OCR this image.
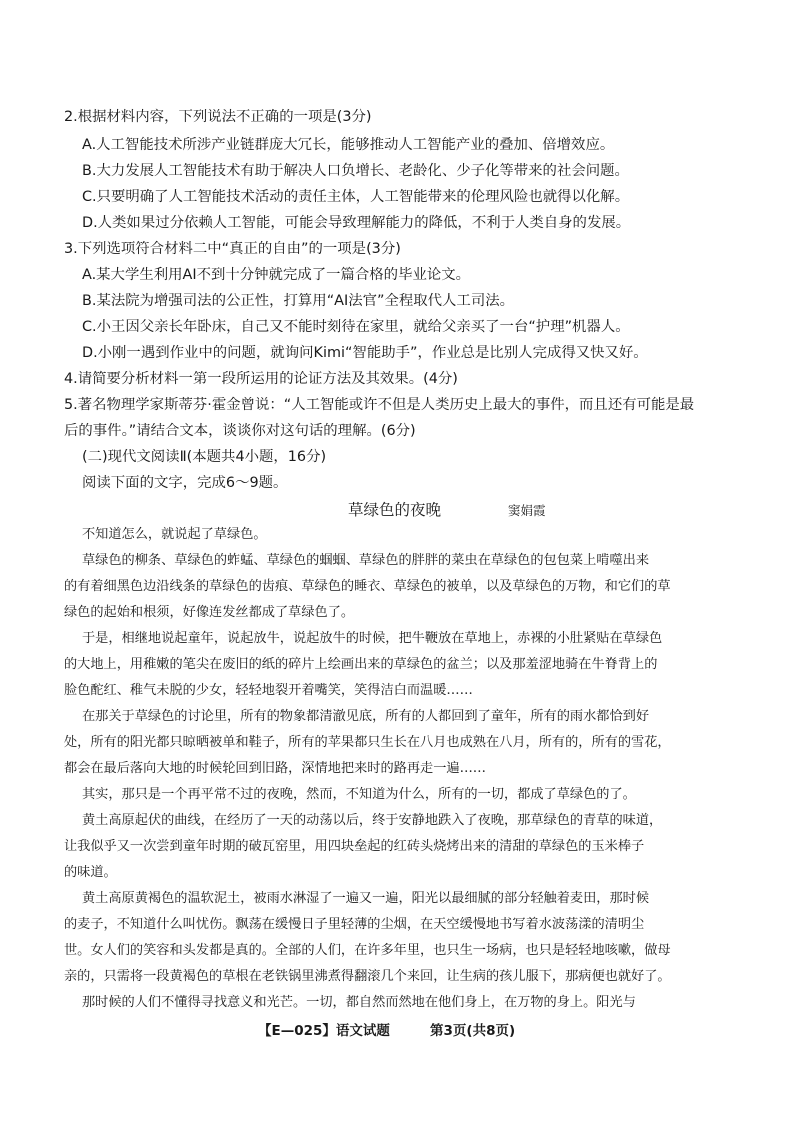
2.根据材料内容，下列说法不正确的一项是(3分)
A.人工智能技术所涉产业链群庞大冗长，能够推动人工智能产业的叠加、倍增效应。
B.大力发展人工智能技术有助于解决人口负增长、老龄化、少子化等带来的社会问题。
C.只要明确了人工智能技术活动的责任主体，人工智能带来的伦理风险也就得以化解。
D.人类如果过分依赖人工智能，可能会导致理解能力的降低，不利于人类自身的发展。
3.下列选项符合材料二中“真正的自由”的一项是(3分)
A.某大学生利用AI不到十分钟就完成了一篇合格的毕业论文。
B.某法院为增强司法的公正性，打算用“AI法官”全程取代人工司法。
C.小王因父亲长年卧床，自己又不能时刻待在家里，就给父亲买了一台“护理”机器人。
D.小刚一遇到作业中的问题，就询问Kimi“智能助手”，作业总是比别人完成得又快又好。
4.请简要分析材料一第一段所运用的论证方法及其效果。(4分)
5.著名物理学家斯蒂芬·霍金曾说：“人工智能或许不但是人类历史上最大的事件，而且还有可能是最
后的事件。”请结合文本，谈谈你对这句话的理解。(6分)
(二)现代文阅读Ⅱ(本题共4小题，16分)
阅读下面的文字，完成6～9题。
草绿色的夜晚	窦娟霞
不知道怎么，就说起了草绿色。
草绿色的柳条、草绿色的蚱蜢、草绿色的蝈蝈、草绿色的胖胖的菜虫在草绿色的包包菜上啃噬出来
的有着细黑色边沿线条的草绿色的齿痕、草绿色的睡衣、草绿色的被单，以及草绿色的万物，和它们的草
绿色的起始和根须，好像连发丝都成了草绿色了。
于是，相继地说起童年，说起放牛，说起放牛的时候，把牛鞭放在草地上，赤裸的小肚紧贴在草绿色
的大地上，用稚嫩的笔尖在废旧的纸的碎片上绘画出来的草绿色的盆兰；以及那羞涩地骑在牛脊背上的
脸色酡红、稚气未脱的少女，轻轻地裂开着嘴笑，笑得洁白而温暖……
在那关于草绿色的讨论里，所有的物象都清澈见底，所有的人都回到了童年，所有的雨水都恰到好
处，所有的阳光都只晾晒被单和鞋子，所有的苹果都只生长在八月也成熟在八月，所有的，所有的雪花，
都会在最后落向大地的时候轮回到旧路，深情地把来时的路再走一遍……
其实，那只是一个再平常不过的夜晚，然而，不知道为什么，所有的一切，都成了草绿色的了。
黄土高原起伏的曲线，在经历了一天的动荡以后，终于安静地跌入了夜晚，那草绿色的青草的味道，
让我似乎又一次尝到童年时期的破瓦窑里，用四块垒起的红砖头烧烤出来的清甜的草绿色的玉米棒子
的味道。
黄土高原黄褐色的温软泥土，被雨水淋湿了一遍又一遍，阳光以最细腻的部分轻触着麦田，那时候
的麦子，不知道什么叫忧伤。飘荡在缓慢日子里轻薄的尘烟，在天空缓慢地书写着水波荡漾的清明尘
世。女人们的笑容和头发都是真的。全部的人们，在许多年里，也只生一场病，也只是轻轻地咳嗽，做母
亲的，只需将一段黄褐色的草根在老铁锅里沸煮得翻滚几个来回，让生病的孩儿服下，那病便也就好了。
那时候的人们不懂得寻找意义和光芒。一切，都自然而然地在他们身上，在万物的身上。阳光与
【E—025】语文试题	第3页(共8页)
